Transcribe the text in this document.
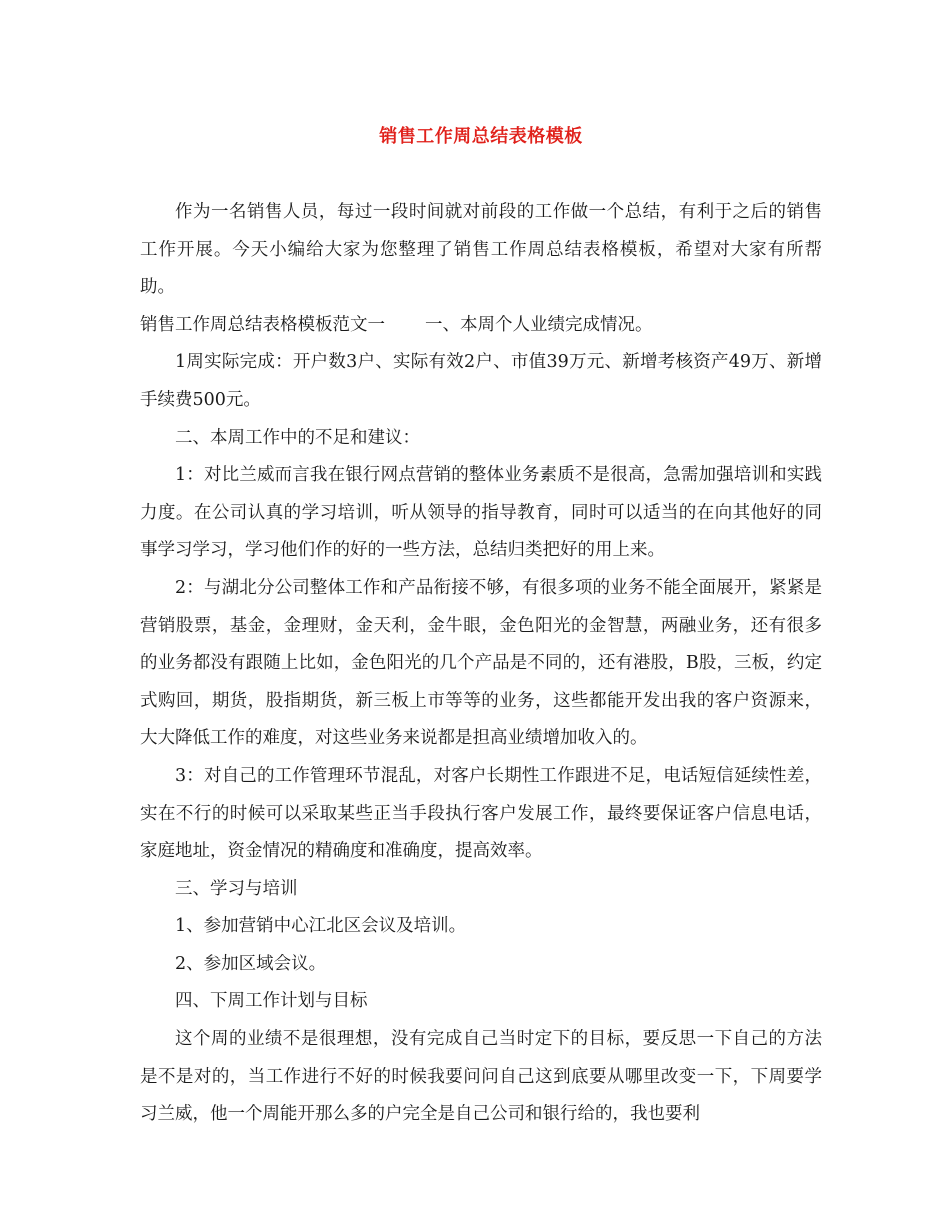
销售工作周总结表格模板

作为一名销售人员，每过一段时间就对前段的工作做一个总结，有利于之后的销售工作开展。今天小编给大家为您整理了销售工作周总结表格模板，希望对大家有所帮助。

销售工作周总结表格模板范文一 一、本周个人业绩完成情况。

1周实际完成：开户数3户、实际有效2户、市值39万元、新增考核资产49万、新增手续费500元。

二、本周工作中的不足和建议：

1：对比兰威而言我在银行网点营销的整体业务素质不是很高，急需加强培训和实践力度。在公司认真的学习培训，听从领导的指导教育，同时可以适当的在向其他好的同事学习学习，学习他们作的好的一些方法，总结归类把好的用上来。

2：与湖北分公司整体工作和产品衔接不够，有很多项的业务不能全面展开，紧紧是营销股票，基金，金理财，金天利，金牛眼，金色阳光的金智慧，两融业务，还有很多的业务都没有跟随上比如，金色阳光的几个产品是不同的，还有港股，B股，三板，约定式购回，期货，股指期货，新三板上市等等的业务，这些都能开发出我的客户资源来，大大降低工作的难度，对这些业务来说都是担高业绩增加收入的。

3：对自己的工作管理环节混乱，对客户长期性工作跟进不足，电话短信延续性差，实在不行的时候可以采取某些正当手段执行客户发展工作，最终要保证客户信息电话，家庭地址，资金情况的精确度和准确度，提高效率。

三、学习与培训

1、参加营销中心江北区会议及培训。

2、参加区域会议。

四、下周工作计划与目标

这个周的业绩不是很理想，没有完成自己当时定下的目标，要反思一下自己的方法是不是对的，当工作进行不好的时候我要问问自己这到底要从哪里改变一下，下周要学习兰威，他一个周能开那么多的户完全是自己公司和银行给的，我也要利
